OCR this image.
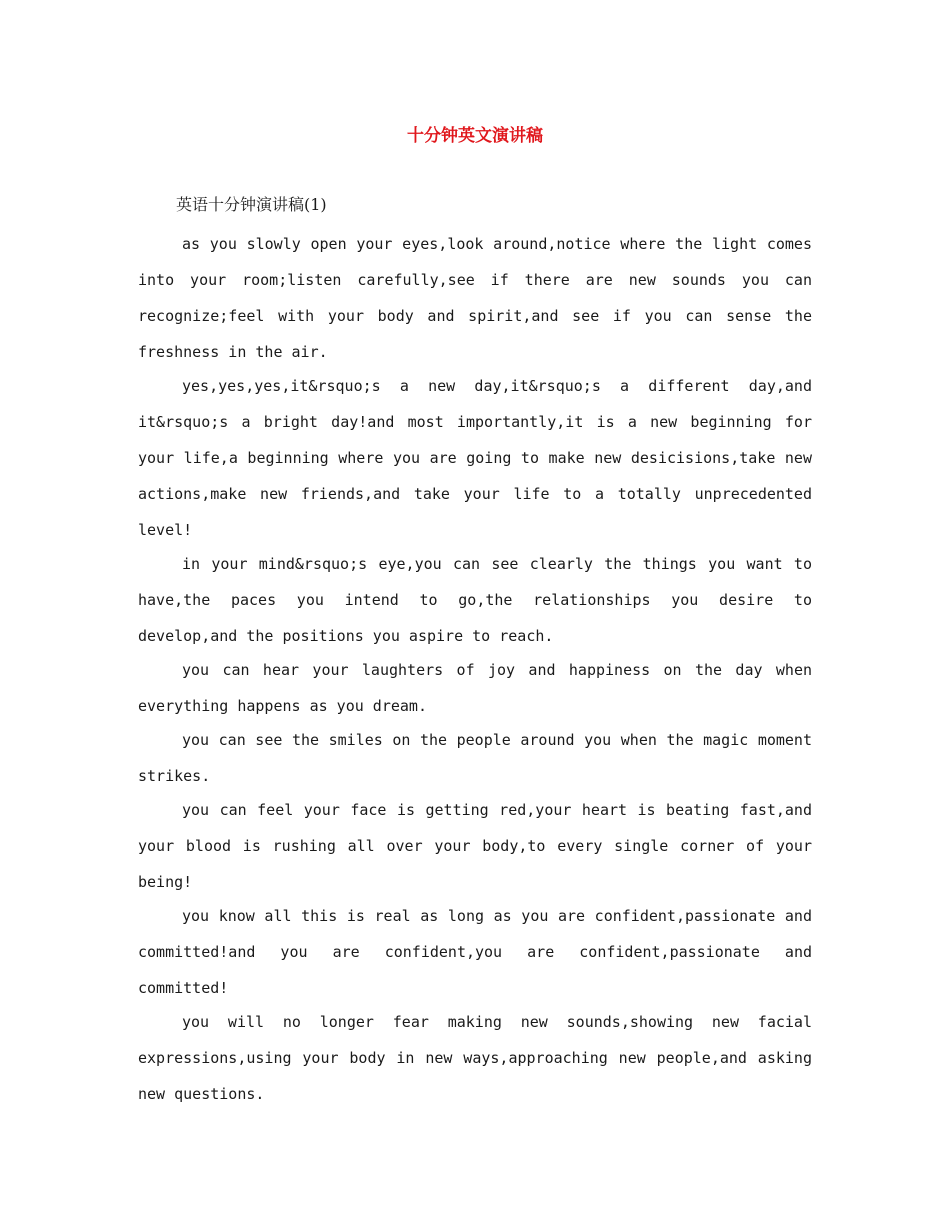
十分钟英文演讲稿

英语十分钟演讲稿(1)

as you slowly open your eyes,look around,notice where the light comes into your room;listen carefully,see if there are new sounds you can recognize;feel with your body and spirit,and see if you can sense the freshness in the air.

yes,yes,yes,it&rsquo;s a new day,it&rsquo;s a different day,and it&rsquo;s a bright day!and most importantly,it is a new beginning for your life,a beginning where you are going to make new desicisions,take new actions,make new friends,and take your life to a totally unprecedented level!

in your mind&rsquo;s eye,you can see clearly the things you want to have,the paces you intend to go,the relationships you desire to develop,and the positions you aspire to reach.

you can hear your laughters of joy and happiness on the day when everything happens as you dream.

you can see the smiles on the people around you when the magic moment strikes.

you can feel your face is getting red,your heart is beating fast,and your blood is rushing all over your body,to every single corner of your being!

you know all this is real as long as you are confident,passionate and committed!and you are confident,you are confident,passionate and committed!

you will no longer fear making new sounds,showing new facial expressions,using your body in new ways,approaching new people,and asking new questions.
